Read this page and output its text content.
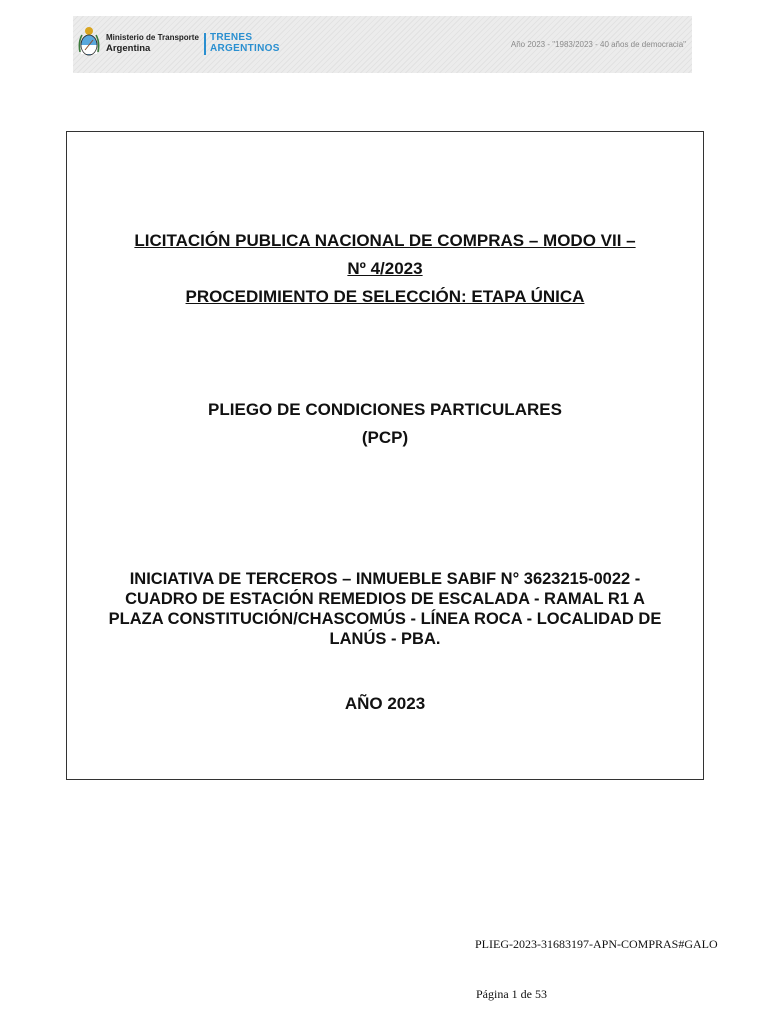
Ministerio de Transporte
Argentina
TRENES
ARGENTINOS	Año 2023 - "1983/2023 - 40 años de democracia"
LICITACIÓN PUBLICA NACIONAL DE COMPRAS – MODO VII –
Nº 4/2023
PROCEDIMIENTO DE SELECCIÓN: ETAPA ÚNICA
PLIEGO DE CONDICIONES PARTICULARES
(PCP)
INICIATIVA DE TERCEROS – INMUEBLE SABIF N° 3623215-0022 -
CUADRO DE ESTACIÓN REMEDIOS DE ESCALADA - RAMAL R1 A
PLAZA CONSTITUCIÓN/CHASCOMÚS - LÍNEA ROCA - LOCALIDAD DE
LANÚS - PBA.
AÑO 2023
PLIEG-2023-31683197-APN-COMPRAS#GALO
Página 1 de 53
